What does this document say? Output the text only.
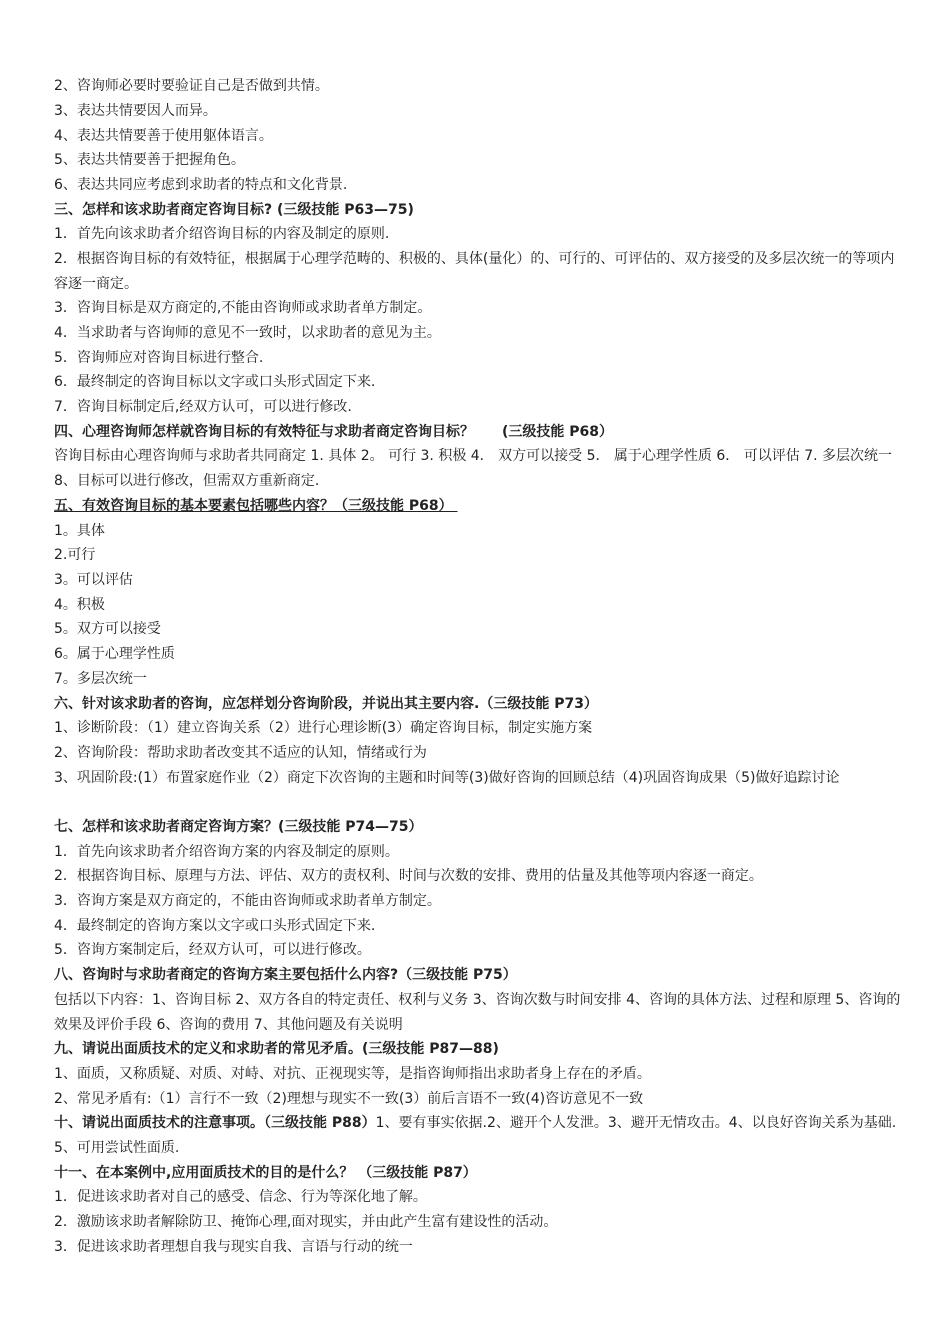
2、咨询师必要时要验证自己是否做到共情。
3、表达共情要因人而异。
4、表达共情要善于使用躯体语言。
5、表达共情要善于把握角色。
6、表达共同应考虑到求助者的特点和文化背景.
三、怎样和该求助者商定咨询目标? (三级技能 P63—75)
1．首先向该求助者介绍咨询目标的内容及制定的原则.
2．根据咨询目标的有效特征，根据属于心理学范畴的、积极的、具体(量化）的、可行的、可评估的、双方接受的及多层次统一的等项内容逐一商定。
3．咨询目标是双方商定的,不能由咨询师或求助者单方制定。
4．当求助者与咨询师的意见不一致时，以求助者的意见为主。
5．咨询师应对咨询目标进行整合.
6．最终制定的咨询目标以文字或口头形式固定下来.
7．咨询目标制定后,经双方认可，可以进行修改.
四、心理咨询师怎样就咨询目标的有效特征与求助者商定咨询目标？　　(三级技能 P68）
咨询目标由心理咨询师与求助者共同商定 1. 具体 2。 可行 3. 积极 4． 双方可以接受 5． 属于心理学性质 6． 可以评估 7. 多层次统一 8、目标可以进行修改，但需双方重新商定.
五、有效咨询目标的基本要素包括哪些内容？（三级技能 P68）
1。具体
2.可行
3。可以评估
4。积极
5。双方可以接受
6。属于心理学性质
7。多层次统一
六、针对该求助者的咨询，应怎样划分咨询阶段，并说出其主要内容.（三级技能 P73）
1、诊断阶段：（1）建立咨询关系（2）进行心理诊断(3）确定咨询目标，制定实施方案
2、咨询阶段：帮助求助者改变其不适应的认知，情绪或行为
3、巩固阶段:(1）布置家庭作业（2）商定下次咨询的主题和时间等(3)做好咨询的回顾总结（4)巩固咨询成果（5)做好追踪讨论
七、怎样和该求助者商定咨询方案？(三级技能 P74—75）
1．首先向该求助者介绍咨询方案的内容及制定的原则。
2．根据咨询目标、原理与方法、评估、双方的责权利、时间与次数的安排、费用的估量及其他等项内容逐一商定。
3．咨询方案是双方商定的，不能由咨询师或求助者单方制定。
4．最终制定的咨询方案以文字或口头形式固定下来.
5．咨询方案制定后，经双方认可，可以进行修改。
八、咨询时与求助者商定的咨询方案主要包括什么内容?（三级技能 P75）
包括以下内容：1、咨询目标 2、双方各自的特定责任、权利与义务 3、咨询次数与时间安排 4、咨询的具体方法、过程和原理 5、咨询的效果及评价手段 6、咨询的费用 7、其他问题及有关说明
九、请说出面质技术的定义和求助者的常见矛盾。(三级技能 P87—88)
1、面质，又称质疑、对质、对峙、对抗、正视现实等，是指咨询师指出求助者身上存在的矛盾。
2、常见矛盾有:（1）言行不一致（2)理想与现实不一致(3）前后言语不一致(4)咨访意见不一致
十、请说出面质技术的注意事项。（三级技能 P88）1、要有事实依据.2、避开个人发泄。3、避开无情攻击。4、以良好咨询关系为基础.5、可用尝试性面质.
十一、在本案例中,应用面质技术的目的是什么？ （三级技能 P87）
1．促进该求助者对自己的感受、信念、行为等深化地了解。
2．激励该求助者解除防卫、掩饰心理,面对现实，并由此产生富有建设性的活动。
3．促进该求助者理想自我与现实自我、言语与行动的统一
